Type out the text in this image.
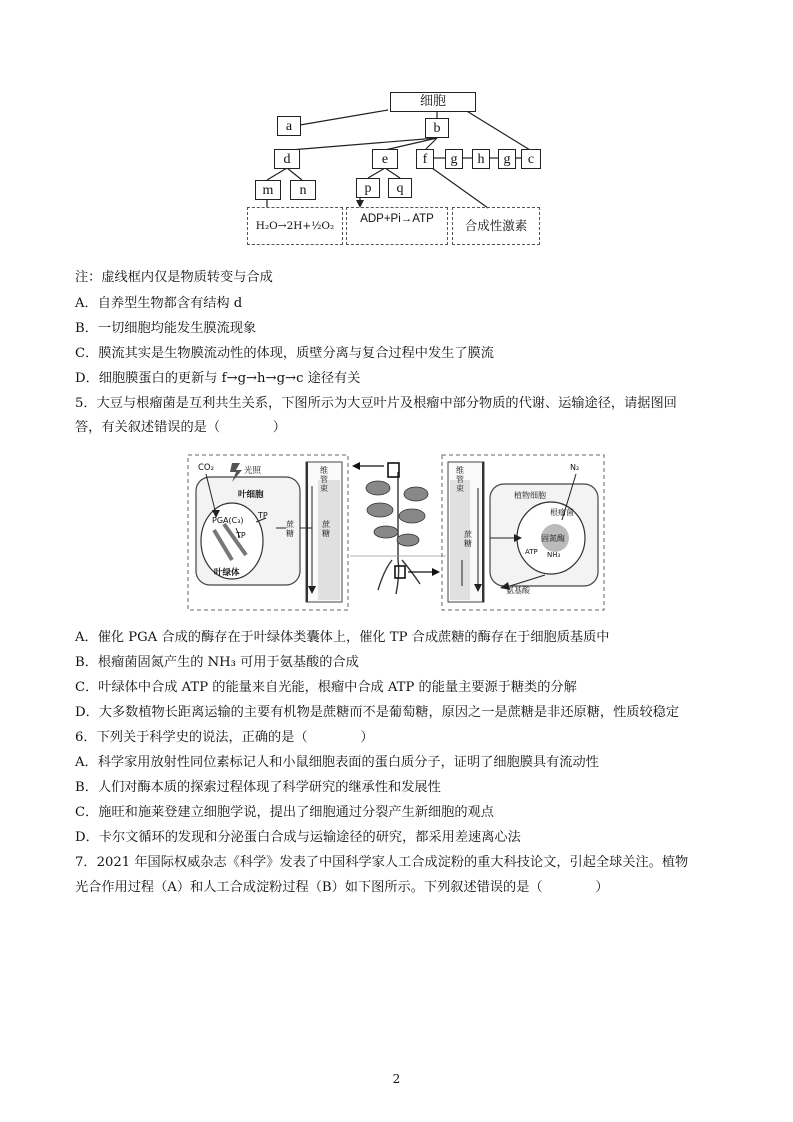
细胞
a	b
d	e	f	g	h	g	c
m	n	p	q
H₂O→2H+½O₂
ADP+Pi→ATP	合成性激素
注：虚线框内仅是物质转变与合成
A．自养型生物都含有结构 d
B．一切细胞均能发生膜流现象
C．膜流其实是生物膜流动性的体现，质壁分离与复合过程中发生了膜流
D．细胞膜蛋白的更新与 f→g→h→g→c 途径有关
5．大豆与根瘤菌是互利共生关系，下图所示为大豆叶片及根瘤中部分物质的代谢、运输途径，请据图回
答，有关叙述错误的是（　　　　）
CO₂	光照
叶细胞
PGA(C₃)
TP
TP
蔗糖
叶绿体
维管束
蔗糖
维管束
蔗糖
植物细胞
N₂
根瘤菌
固氮酶
ATP NH₃
氨基酸
A．催化 PGA 合成的酶存在于叶绿体类囊体上，催化 TP 合成蔗糖的酶存在于细胞质基质中
B．根瘤菌固氮产生的 NH₃ 可用于氨基酸的合成
C．叶绿体中合成 ATP 的能量来自光能，根瘤中合成 ATP 的能量主要源于糖类的分解
D．大多数植物长距离运输的主要有机物是蔗糖而不是葡萄糖，原因之一是蔗糖是非还原糖，性质较稳定
6．下列关于科学史的说法，正确的是（　　　　）
A．科学家用放射性同位素标记人和小鼠细胞表面的蛋白质分子，证明了细胞膜具有流动性
B．人们对酶本质的探索过程体现了科学研究的继承性和发展性
C．施旺和施莱登建立细胞学说，提出了细胞通过分裂产生新细胞的观点
D．卡尔文循环的发现和分泌蛋白合成与运输途径的研究，都采用差速离心法
7．2021 年国际权威杂志《科学》发表了中国科学家人工合成淀粉的重大科技论文，引起全球关注。植物
光合作用过程（A）和人工合成淀粉过程（B）如下图所示。下列叙述错误的是（　　　　）
2
